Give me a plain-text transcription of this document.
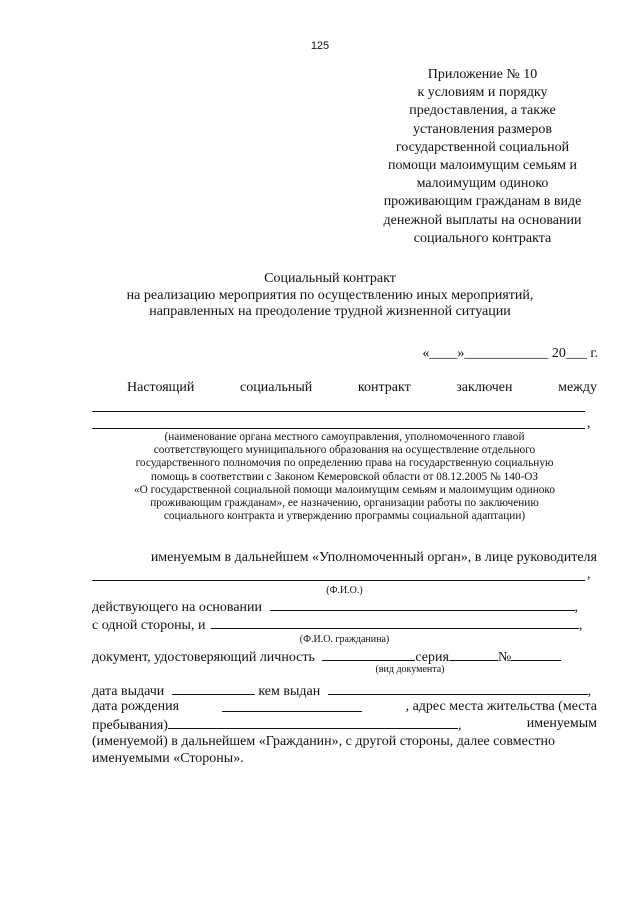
125
Приложение № 10
к условиям и порядку
предоставления, а также
установления размеров
государственной социальной
помощи малоимущим семьям и
малоимущим одиноко
проживающим гражданам в виде
денежной выплаты на основании
социального контракта
Социальный контракт
на реализацию мероприятия по осуществлению иных мероприятий,
направленных на преодоление трудной жизненной ситуации
«____»____________ 20___ г.
Настоящий	социальный	контракт	заключен	между
,
(наименование органа местного самоуправления, уполномоченного главой
соответствующего муниципального образования на осуществление отдельного
государственного полномочия по определению права на государственную социальную
помощь в соответствии с Законом Кемеровской области от 08.12.2005 № 140-ОЗ
«О государственной социальной помощи малоимущим семьям и малоимущим одиноко
проживающим гражданам», ее назначению, организации работы по заключению
социального контракта и утверждению программы социальной адаптации)
именуемым в дальнейшем «Уполномоченный орган», в лице руководителя
,
(Ф.И.О.)
действующего на основании	,
с одной стороны, и	,
(Ф.И.О. гражданина)
документ, удостоверяющий личность	серия	№
(вид документа)
дата выдачи	кем выдан	,
дата рождения	, адрес места жительства (места
пребывания)	,	именуемым
(именуемой) в дальнейшем «Гражданин», с другой стороны, далее совместно
именуемыми «Стороны».
